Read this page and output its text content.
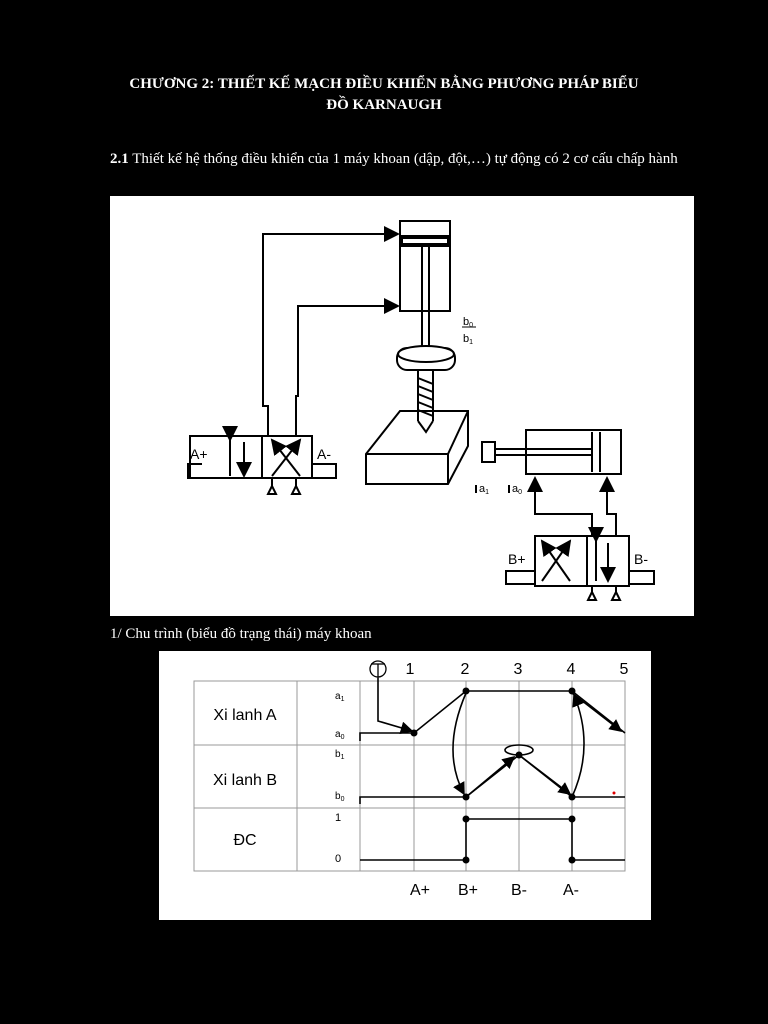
CHƯƠNG 2: THIẾT KẾ MẠCH ĐIỀU KHIỂN BẰNG PHƯƠNG PHÁP BIỂU
ĐỒ KARNAUGH
2.1 Thiết kế hệ thống điều khiển của 1 máy khoan (dập, đột,…) tự động có 2 cơ cấu chấp hành
A+	A-
B+	B-
b0
b1
a1 a0
1/ Chu trình (biểu đồ trạng thái) máy khoan
1	2	3	4	5
Xi lanh A
Xi lanh B
ĐC
$a_1$
$a_0$
$b_1$
$b_0$
1
0
A+ B+ B- A-
